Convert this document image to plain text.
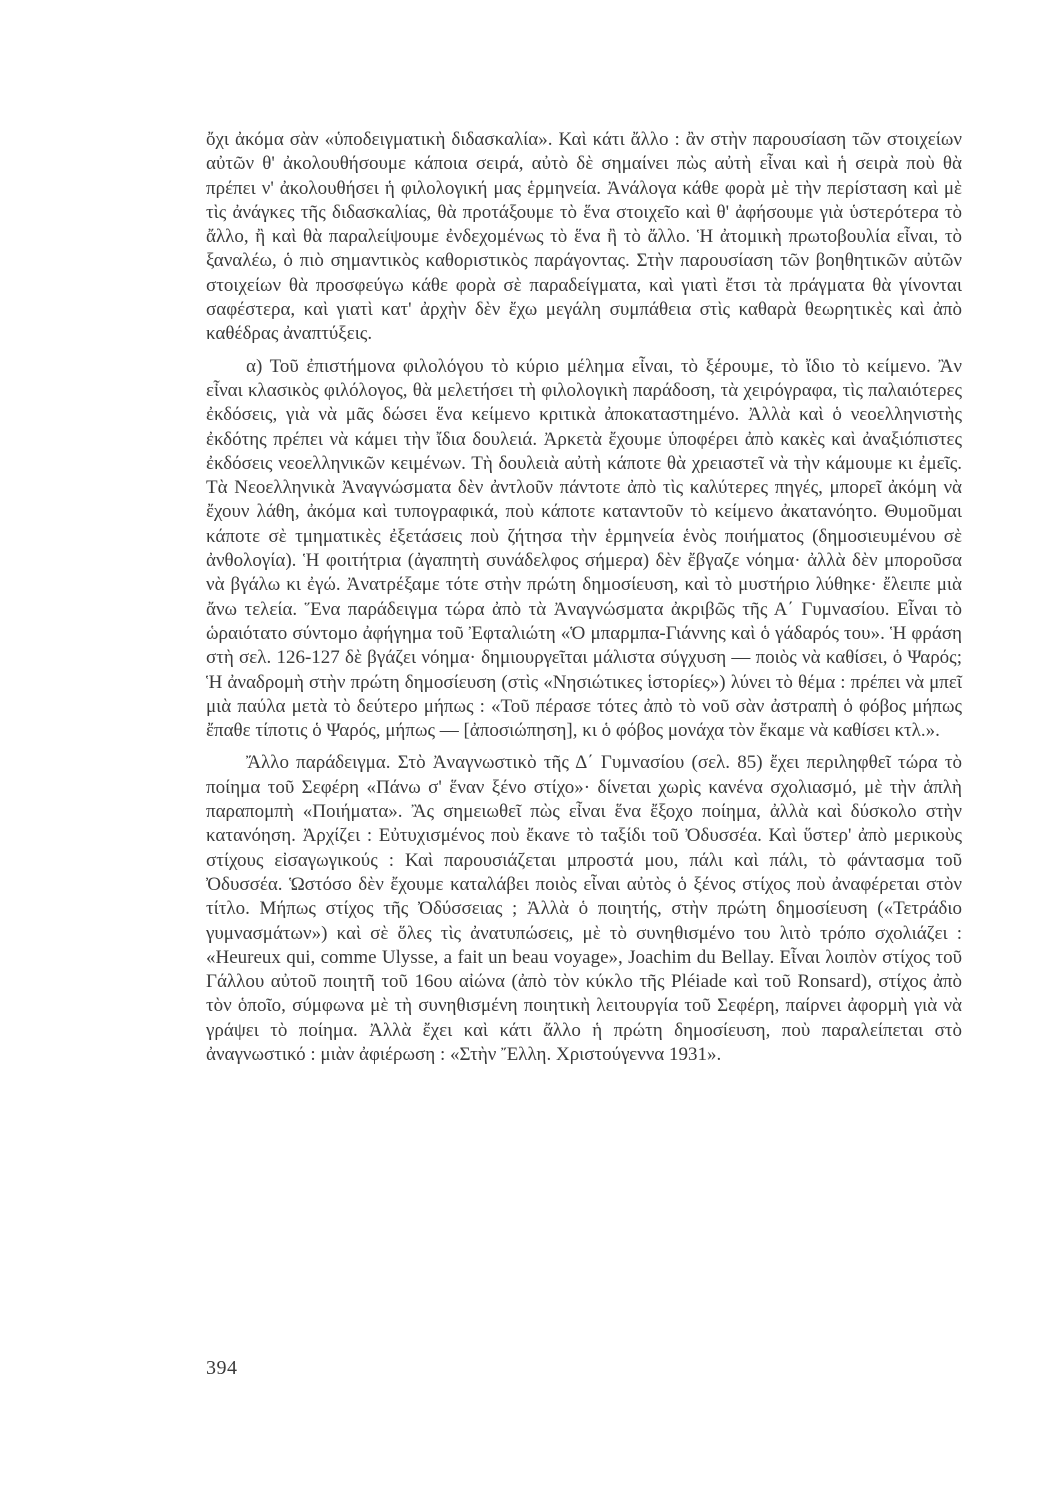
ὄχι ἀκόμα σὰν «ὑποδειγματικὴ διδασκαλία». Καὶ κάτι ἄλλο : ἂν στὴν παρουσίαση τῶν στοιχείων αὐτῶν θ' ἀκολουθήσουμε κάποια σειρά, αὐτὸ δὲ σημαίνει πὼς αὐτὴ εἶναι καὶ ἡ σειρὰ ποὺ θὰ πρέπει ν' ἀκολουθήσει ἡ φιλολογική μας ἑρμηνεία. Ἀνάλογα κάθε φορὰ μὲ τὴν περίσταση καὶ μὲ τὶς ἀνάγκες τῆς διδασκαλίας, θὰ προτάξουμε τὸ ἕνα στοιχεῖο καὶ θ' ἀφήσουμε γιὰ ὑστερότερα τὸ ἄλλο, ἢ καὶ θὰ παραλείψουμε ἐνδεχομένως τὸ ἕνα ἢ τὸ ἄλλο. Ἡ ἀτομικὴ πρωτοβουλία εἶναι, τὸ ξαναλέω, ὁ πιὸ σημαντικὸς καθοριστικὸς παράγοντας. Στὴν παρουσίαση τῶν βοηθητικῶν αὐτῶν στοιχείων θὰ προσφεύγω κάθε φορὰ σὲ παραδείγματα, καὶ γιατὶ ἔτσι τὰ πράγματα θὰ γίνονται σαφέστερα, καὶ γιατὶ κατ' ἀρχὴν δὲν ἔχω μεγάλη συμπάθεια στὶς καθαρὰ θεωρητικὲς καὶ ἀπὸ καθέδρας ἀναπτύξεις.

α) Τοῦ ἐπιστήμονα φιλολόγου τὸ κύριο μέλημα εἶναι, τὸ ξέρουμε, τὸ ἴδιο τὸ κείμενο. Ἂν εἶναι κλασικὸς φιλόλογος, θὰ μελετήσει τὴ φιλολογικὴ παράδοση, τὰ χειρόγραφα, τὶς παλαιότερες ἐκδόσεις, γιὰ νὰ μᾶς δώσει ἕνα κείμενο κριτικὰ ἀποκαταστημένο. Ἀλλὰ καὶ ὁ νεοελληνιστὴς ἐκδότης πρέπει νὰ κάμει τὴν ἴδια δουλειά. Ἀρκετὰ ἔχουμε ὑποφέρει ἀπὸ κακὲς καὶ ἀναξιόπιστες ἐκδόσεις νεοελληνικῶν κειμένων. Τὴ δουλειὰ αὐτὴ κάποτε θὰ χρειαστεῖ νὰ τὴν κάμουμε κι ἐμεῖς. Τὰ Νεοελληνικὰ Ἀναγνώσματα δὲν ἀντλοῦν πάντοτε ἀπὸ τὶς καλύτερες πηγές, μπορεῖ ἀκόμη νὰ ἔχουν λάθη, ἀκόμα καὶ τυπογραφικά, ποὺ κάποτε καταντοῦν τὸ κείμενο ἀκατανόητο. Θυμοῦμαι κάποτε σὲ τμηματικὲς ἐξετάσεις ποὺ ζήτησα τὴν ἑρμηνεία ἑνὸς ποιήματος (δημοσιευμένου σὲ ἀνθολογία). Ἡ φοιτήτρια (ἀγαπητὴ συνάδελφος σήμερα) δὲν ἔβγαζε νόημα· ἀλλὰ δὲν μποροῦσα νὰ βγάλω κι ἐγώ. Ἀνατρέξαμε τότε στὴν πρώτη δημοσίευση, καὶ τὸ μυστήριο λύθηκε· ἔλειπε μιὰ ἄνω τελεία. Ἕνα παράδειγμα τώρα ἀπὸ τὰ Ἀναγνώσματα ἀκριβῶς τῆς Α΄ Γυμνασίου. Εἶναι τὸ ὡραιότατο σύντομο ἀφήγημα τοῦ Ἐφταλιώτη «Ὁ μπαρμπα-Γιάννης καὶ ὁ γάδαρός του». Ἡ φράση στὴ σελ. 126-127 δὲ βγάζει νόημα· δημιουργεῖται μάλιστα σύγχυση — ποιὸς νὰ καθίσει, ὁ Ψαρός; Ἡ ἀναδρομὴ στὴν πρώτη δημοσίευση (στὶς «Νησιώτικες ἱστορίες») λύνει τὸ θέμα : πρέπει νὰ μπεῖ μιὰ παύλα μετὰ τὸ δεύτερο μήπως : «Τοῦ πέρασε τότες ἀπὸ τὸ νοῦ σὰν ἀστραπὴ ὁ φόβος μήπως ἔπαθε τίποτις ὁ Ψαρός, μήπως — [ἀποσιώπηση], κι ὁ φόβος μονάχα τὸν ἔκαμε νὰ καθίσει κτλ.».

Ἄλλο παράδειγμα. Στὸ Ἀναγνωστικὸ τῆς Δ΄ Γυμνασίου (σελ. 85) ἔχει περιληφθεῖ τώρα τὸ ποίημα τοῦ Σεφέρη «Πάνω σ' ἕναν ξένο στίχο»· δίνεται χωρὶς κανένα σχολιασμό, μὲ τὴν ἁπλὴ παραπομπὴ «Ποιήματα». Ἂς σημειωθεῖ πὼς εἶναι ἕνα ἔξοχο ποίημα, ἀλλὰ καὶ δύσκολο στὴν κατανόηση. Ἀρχίζει : Εὐτυχισμένος ποὺ ἔκανε τὸ ταξίδι τοῦ Ὀδυσσέα. Καὶ ὕστερ' ἀπὸ μερικοὺς στίχους εἰσαγωγικούς : Καὶ παρουσιάζεται μπροστά μου, πάλι καὶ πάλι, τὸ φάντασμα τοῦ Ὀδυσσέα. Ὡστόσο δὲν ἔχουμε καταλάβει ποιὸς εἶναι αὐτὸς ὁ ξένος στίχος ποὺ ἀναφέρεται στὸν τίτλο. Μήπως στίχος τῆς Ὀδύσσειας ; Ἀλλὰ ὁ ποιητής, στὴν πρώτη δημοσίευση («Τετράδιο γυμνασμάτων») καὶ σὲ ὅλες τὶς ἀνατυπώσεις, μὲ τὸ συνηθισμένο του λιτὸ τρόπο σχολιάζει : «Heureux qui, comme Ulysse, a fait un beau voyage», Joachim du Bellay. Εἶναι λοιπὸν στίχος τοῦ Γάλλου αὐτοῦ ποιητῆ τοῦ 16ου αἰώνα (ἀπὸ τὸν κύκλο τῆς Pléiade καὶ τοῦ Ronsard), στίχος ἀπὸ τὸν ὁποῖο, σύμφωνα μὲ τὴ συνηθισμένη ποιητικὴ λειτουργία τοῦ Σεφέρη, παίρνει ἀφορμὴ γιὰ νὰ γράψει τὸ ποίημα. Ἀλλὰ ἔχει καὶ κάτι ἄλλο ἡ πρώτη δημοσίευση, ποὺ παραλείπεται στὸ ἀναγνωστικό : μιὰν ἀφιέρωση : «Στὴν Ἔλλη. Χριστούγεννα 1931».

394
